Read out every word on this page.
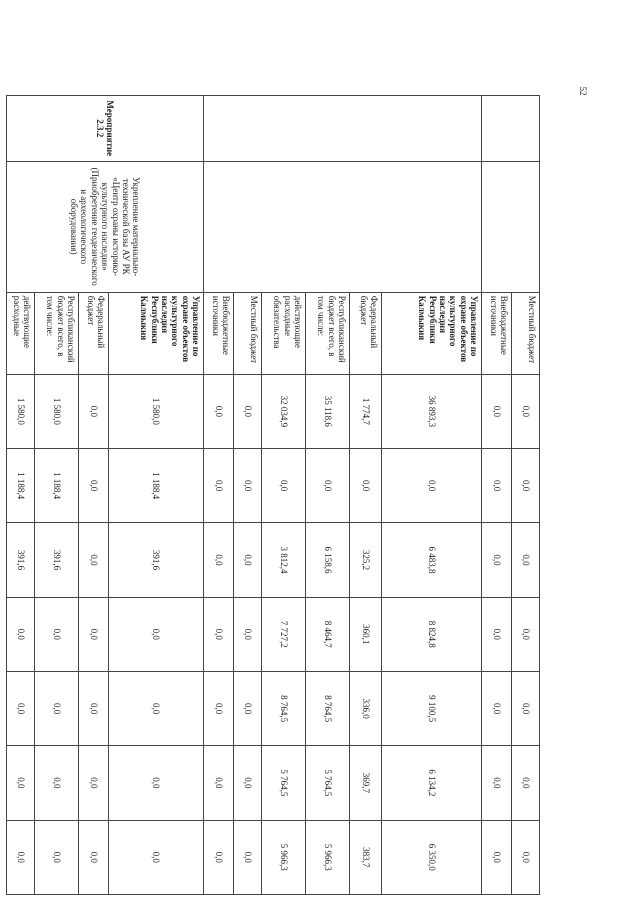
52
		Местный бюджет	0,0	0,0	0,0	0,0	0,0	0,0	0,0
		Внебюджетные источники	0,0	0,0	0,0	0,0	0,0	0,0	0,0
		Управление по охране объектов культурного наследия Республики Калмыкия	36 893,3	0,0	6 483,8	8 824,8	9 100,5	6 134,2	6 350,0
		Федеральный бюджет	1 774,7	0,0	325,2	360,1	336,0	369,7	383,7
		Республиканский бюджет всего, в том числе:	35 118,6	0,0	6 158,6	8 464,7	8 764,5	5 764,5	5 966,3
		действующие расходные обязательства	32 034,9	0,0	3 812,4	7 727,2	8 764,5	5 764,5	5 966,3
		Местный бюджет	0,0	0,0	0,0	0,0	0,0	0,0	0,0
		Внебюджетные источники	0,0	0,0	0,0	0,0	0,0	0,0	0,0
Мероприятие 2.3.2	Укрепление материально-технической базы АУ РК «Центр охраны историко-культурного наследия» (Приобретение геодезического и археологического оборудования)	Управление по охране объектов культурного наследия Республики Калмыкия	1 580,0	1 188,4	391,6	0,0	0,0	0,0	0,0
		Федеральный бюджет	0,0	0,0	0,0	0,0	0,0	0,0	0,0
		Республиканский бюджет всего, в том числе:	1 580,0	1 188,4	391,6	0,0	0,0	0,0	0,0
		действующие расходные	1 580,0	1 188,4	391,6	0,0	0,0	0,0	0,0
